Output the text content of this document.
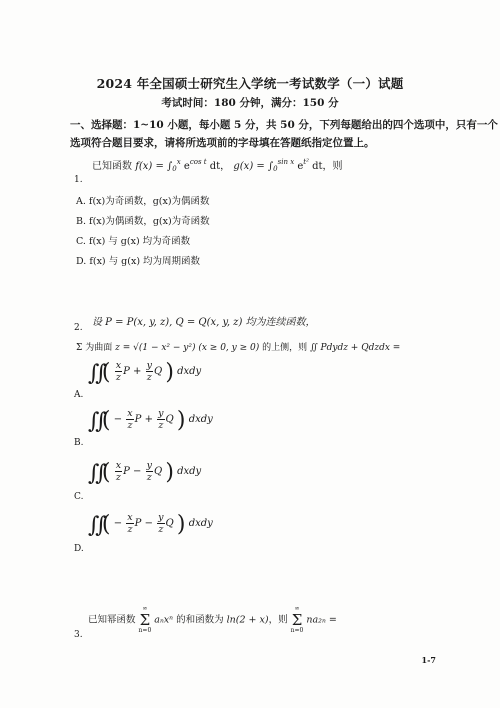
2024 年全国硕士研究生入学统一考试数学（一）试题
考试时间：180 分钟，满分：150 分
一、选择题：1~10 小题，每小题 5 分，共 50 分，下列每题给出的四个选项中，只有一个
选项符合题目要求，请将所选项前的字母填在答题纸指定位置上。
已知函数 $f(x) = \int_0^x$ $e^{cos t}$ dt， $g(x) = \int_0^{sin x}$ $e^{t^2}$ dt，则
1.
A. f(x)为奇函数，g(x)为偶函数
B. f(x)为偶函数，g(x)为奇函数
C. f(x) 与 g(x) 均为奇函数
D. f(x) 与 g(x) 均为周期函数
设 P = P(x, y, z), Q = Q(x, y, z) 均为连续函数，
2.
Σ 为曲面 z = √(1 − x² − y²) (x ≥ 0, y ≥ 0) 的上侧，则 ∬ Pdydz + Qdzdx =
∬ ( $\frac{x}{z}$ $P + \frac{y}{z}$ Q ) dxdy
A.
∬ ( − $\frac{x}{z}$ $P + \frac{y}{z}$ Q ) dxdy
B.
∬ ( $\frac{x}{z}$ $P - \frac{y}{z}$ Q ) dxdy
C.
∬ ( − $\frac{x}{z}$ $P - \frac{y}{z}$ Q ) dxdy
D.
已知幂函数
∞
Σ
n=0
aₙxⁿ 的和函数为 ln(2 + x)，则
∞
Σ
n=0
na₂ₙ =
3.
1-7
